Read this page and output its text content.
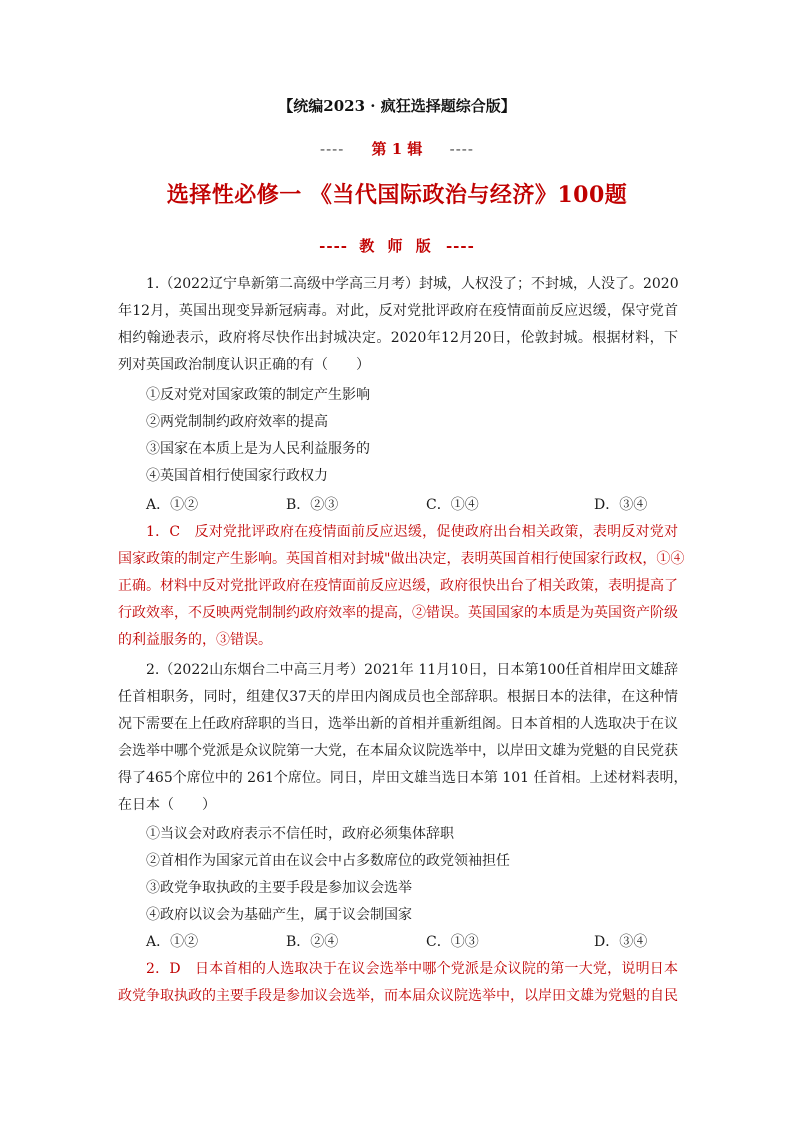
【统编2023 · 疯狂选择题综合版】
---- 第 1 辑 ----
选择性必修一 《当代国际政治与经济》100题
---- 教 师 版 ----
1.（2022辽宁阜新第二高级中学高三月考）封城，人权没了；不封城，人没了。2020
年12月，英国出现变异新冠病毒。对此，反对党批评政府在疫情面前反应迟缓，保守党首
相约翰逊表示，政府将尽快作出封城决定。2020年12月20日，伦敦封城。根据材料，下
列对英国政治制度认识正确的有（　　）
①反对党对国家政策的制定产生影响
②两党制制约政府效率的提高
③国家在本质上是为人民利益服务的
④英国首相行使国家行政权力
A．①②	B．②③	C．①④	D．③④
1．C　反对党批评政府在疫情面前反应迟缓，促使政府出台相关政策，表明反对党对
国家政策的制定产生影响。英国首相对封城"做出决定，表明英国首相行使国家行政权，①④
正确。材料中反对党批评政府在疫情面前反应迟缓，政府很快出台了相关政策，表明提高了
行政效率，不反映两党制制约政府效率的提高，②错误。英国国家的本质是为英国资产阶级
的利益服务的，③错误。
2.（2022山东烟台二中高三月考）2021年 11月10日，日本第100任首相岸田文雄辞
任首相职务，同时，组建仅37天的岸田内阁成员也全部辞职。根据日本的法律，在这种情
况下需要在上任政府辞职的当日，选举出新的首相并重新组阁。日本首相的人选取决于在议
会选举中哪个党派是众议院第一大党，在本届众议院选举中，以岸田文雄为党魁的自民党获
得了465个席位中的 261个席位。同日，岸田文雄当选日本第 101 任首相。上述材料表明，
在日本（　　）
①当议会对政府表示不信任时，政府必须集体辞职
②首相作为国家元首由在议会中占多数席位的政党领袖担任
③政党争取执政的主要手段是参加议会选举
④政府以议会为基础产生，属于议会制国家
A．①②	B．②④	C．①③	D．③④
2．D　日本首相的人选取决于在议会选举中哪个党派是众议院的第一大党，说明日本
政党争取执政的主要手段是参加议会选举，而本届众议院选举中，以岸田文雄为党魁的自民
